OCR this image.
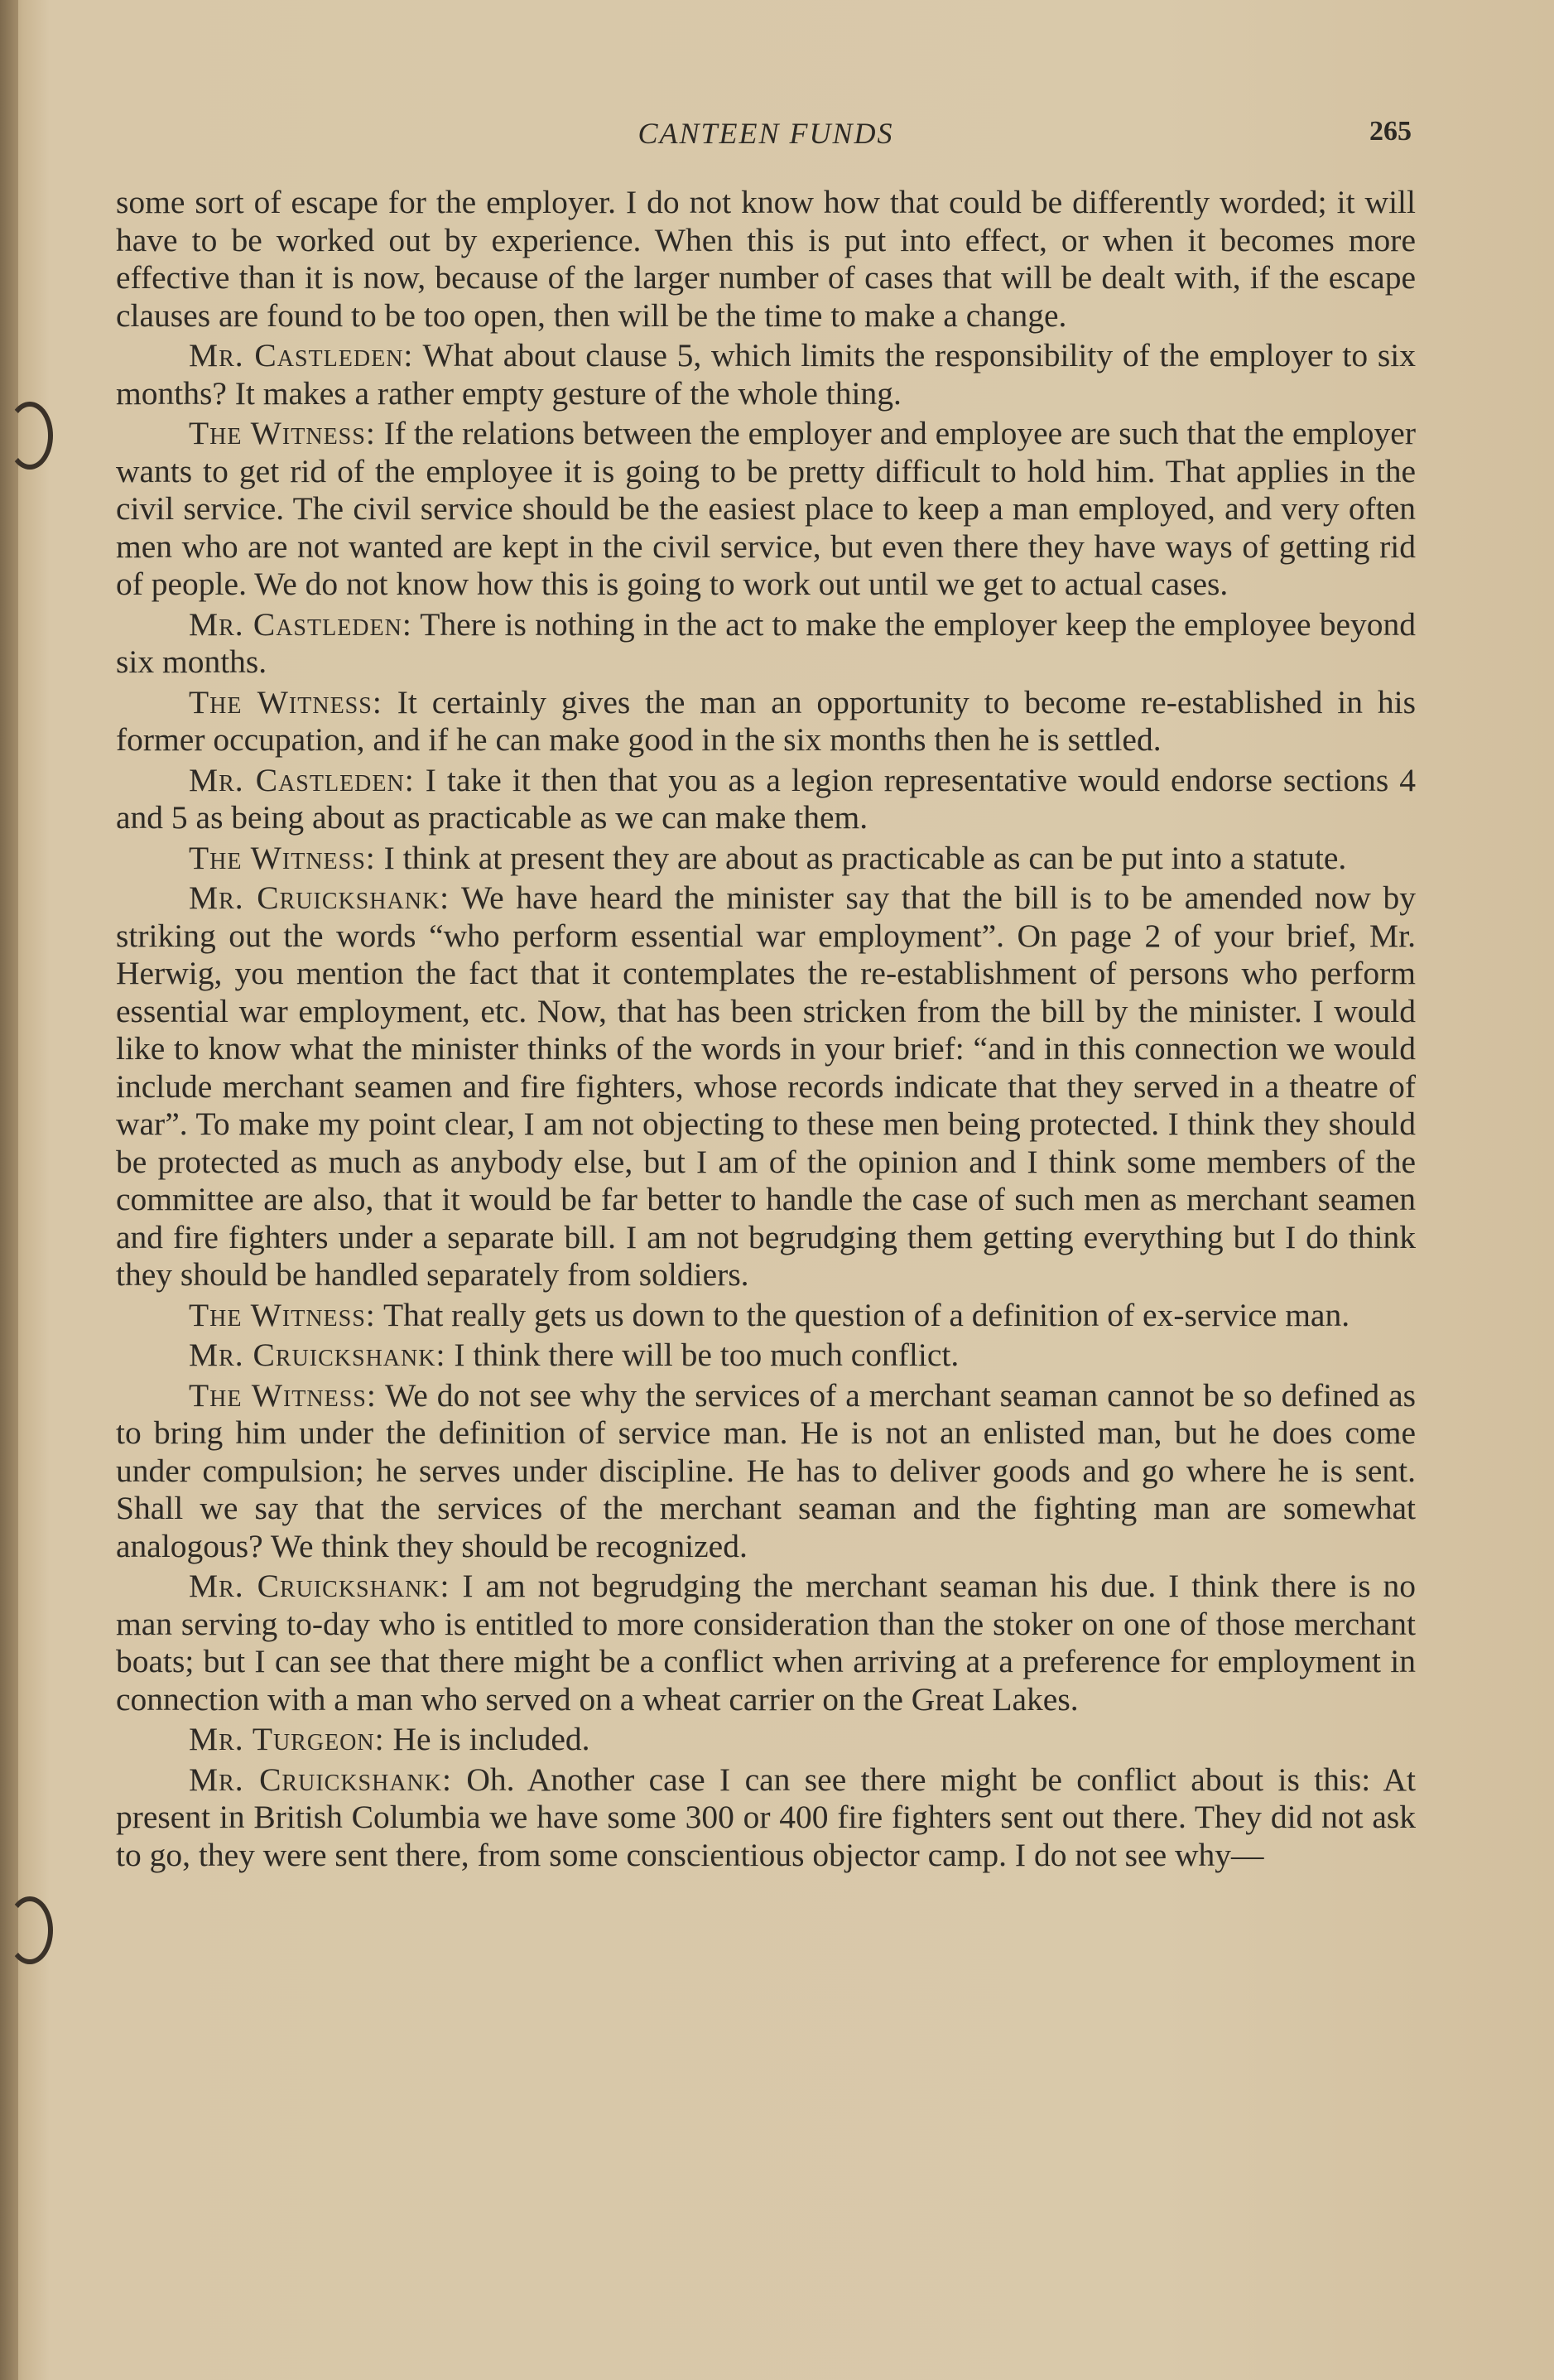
CANTEEN FUNDS	265

some sort of escape for the employer. I do not know how that could be differently worded; it will have to be worked out by experience. When this is put into effect, or when it becomes more effective than it is now, because of the larger number of cases that will be dealt with, if the escape clauses are found to be too open, then will be the time to make a change.

Mr. Castleden: What about clause 5, which limits the responsibility of the employer to six months? It makes a rather empty gesture of the whole thing.

The Witness: If the relations between the employer and employee are such that the employer wants to get rid of the employee it is going to be pretty difficult to hold him. That applies in the civil service. The civil service should be the easiest place to keep a man employed, and very often men who are not wanted are kept in the civil service, but even there they have ways of getting rid of people. We do not know how this is going to work out until we get to actual cases.

Mr. Castleden: There is nothing in the act to make the employer keep the employee beyond six months.

The Witness: It certainly gives the man an opportunity to become re-established in his former occupation, and if he can make good in the six months then he is settled.

Mr. Castleden: I take it then that you as a legion representative would endorse sections 4 and 5 as being about as practicable as we can make them.

The Witness: I think at present they are about as practicable as can be put into a statute.

Mr. Cruickshank: We have heard the minister say that the bill is to be amended now by striking out the words “who perform essential war employment”. On page 2 of your brief, Mr. Herwig, you mention the fact that it contemplates the re-establishment of persons who perform essential war employment, etc. Now, that has been stricken from the bill by the minister. I would like to know what the minister thinks of the words in your brief: “and in this connection we would include merchant seamen and fire fighters, whose records indicate that they served in a theatre of war”. To make my point clear, I am not objecting to these men being protected. I think they should be protected as much as anybody else, but I am of the opinion and I think some members of the committee are also, that it would be far better to handle the case of such men as merchant seamen and fire fighters under a separate bill. I am not begrudging them getting everything but I do think they should be handled separately from soldiers.

The Witness: That really gets us down to the question of a definition of ex-service man.

Mr. Cruickshank: I think there will be too much conflict.

The Witness: We do not see why the services of a merchant seaman cannot be so defined as to bring him under the definition of service man. He is not an enlisted man, but he does come under compulsion; he serves under discipline. He has to deliver goods and go where he is sent. Shall we say that the services of the merchant seaman and the fighting man are somewhat analogous? We think they should be recognized.

Mr. Cruickshank: I am not begrudging the merchant seaman his due. I think there is no man serving to-day who is entitled to more consideration than the stoker on one of those merchant boats; but I can see that there might be a conflict when arriving at a preference for employment in connection with a man who served on a wheat carrier on the Great Lakes.

Mr. Turgeon: He is included.

Mr. Cruickshank: Oh. Another case I can see there might be conflict about is this: At present in British Columbia we have some 300 or 400 fire fighters sent out there. They did not ask to go, they were sent there, from some conscientious objector camp. I do not see why—
